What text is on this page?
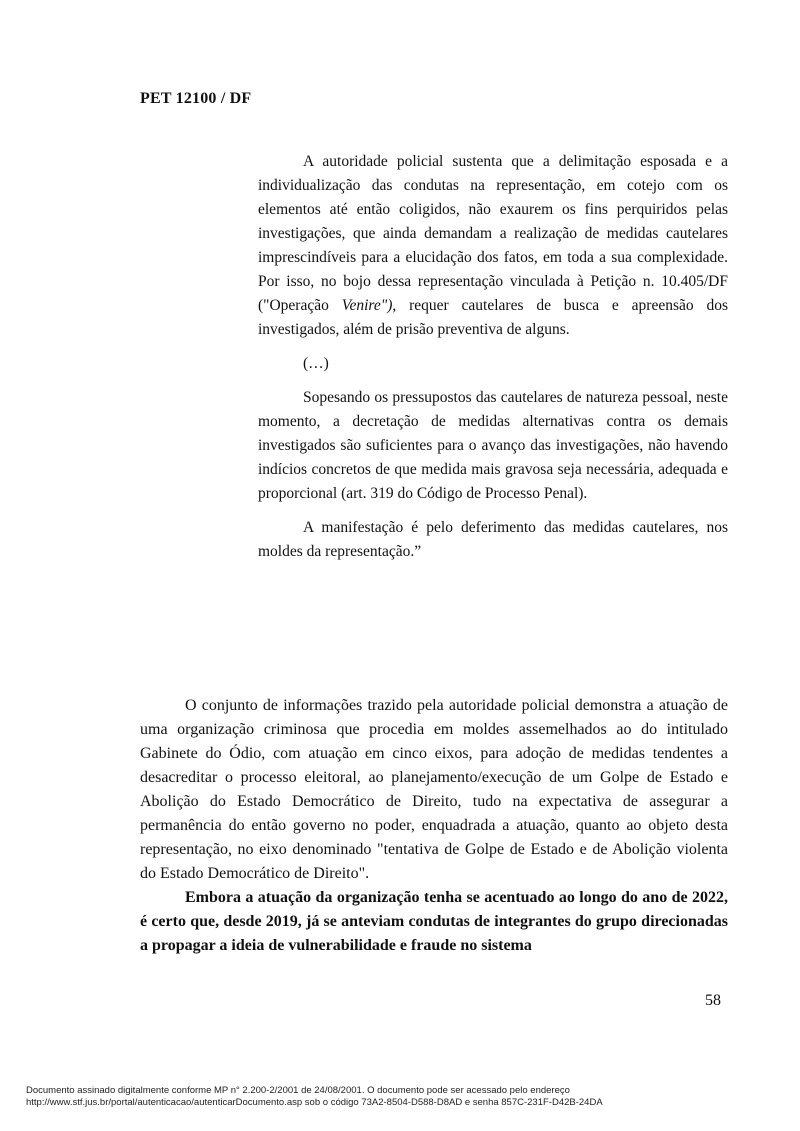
PET 12100 / DF

A autoridade policial sustenta que a delimitação esposada e a individualização das condutas na representação, em cotejo com os elementos até então coligidos, não exaurem os fins perquiridos pelas investigações, que ainda demandam a realização de medidas cautelares imprescindíveis para a elucidação dos fatos, em toda a sua complexidade. Por isso, no bojo dessa representação vinculada à Petição n. 10.405/DF ("Operação Venire"), requer cautelares de busca e apreensão dos investigados, além de prisão preventiva de alguns.

(…)

Sopesando os pressupostos das cautelares de natureza pessoal, neste momento, a decretação de medidas alternativas contra os demais investigados são suficientes para o avanço das investigações, não havendo indícios concretos de que medida mais gravosa seja necessária, adequada e proporcional (art. 319 do Código de Processo Penal).

A manifestação é pelo deferimento das medidas cautelares, nos moldes da representação.”

O conjunto de informações trazido pela autoridade policial demonstra a atuação de uma organização criminosa que procedia em moldes assemelhados ao do intitulado Gabinete do Ódio, com atuação em cinco eixos, para adoção de medidas tendentes a desacreditar o processo eleitoral, ao planejamento/execução de um Golpe de Estado e Abolição do Estado Democrático de Direito, tudo na expectativa de assegurar a permanência do então governo no poder, enquadrada a atuação, quanto ao objeto desta representação, no eixo denominado "tentativa de Golpe de Estado e de Abolição violenta do Estado Democrático de Direito".

Embora a atuação da organização tenha se acentuado ao longo do ano de 2022, é certo que, desde 2019, já se anteviam condutas de integrantes do grupo direcionadas a propagar a ideia de vulnerabilidade e fraude no sistema

58
Documento assinado digitalmente conforme MP n° 2.200-2/2001 de 24/08/2001. O documento pode ser acessado pelo endereço
http://www.stf.jus.br/portal/autenticacao/autenticarDocumento.asp sob o código 73A2-8504-D588-D8AD e senha 857C-231F-D42B-24DA
